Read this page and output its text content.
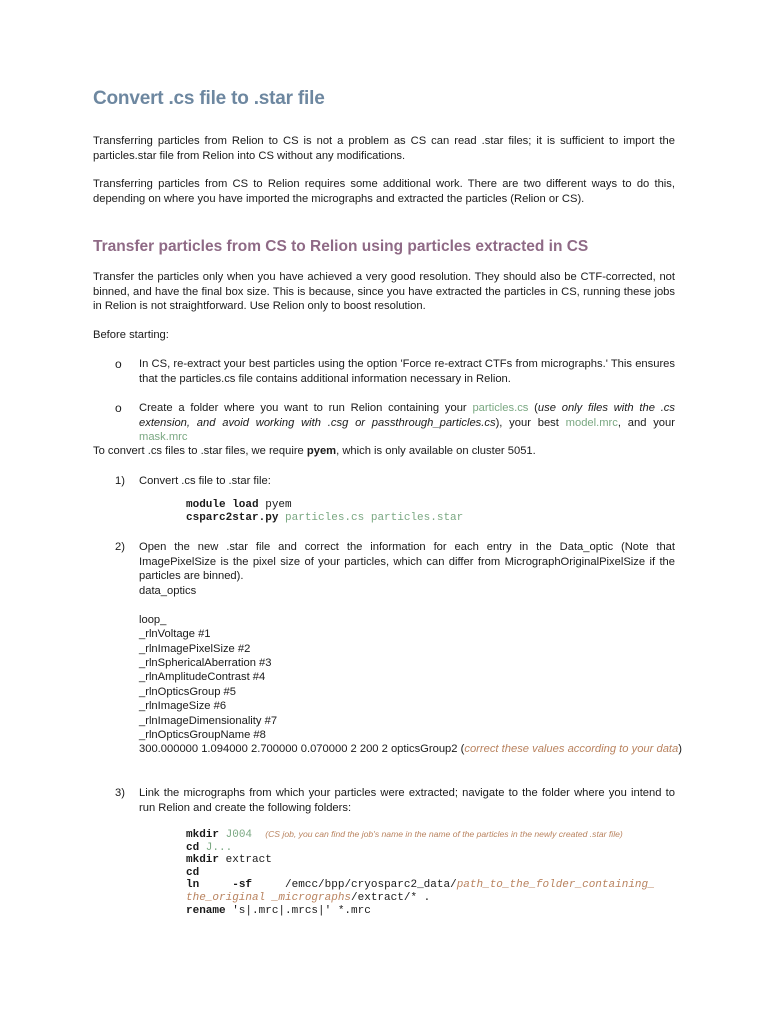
Convert .cs file to .star file

Transferring particles from Relion to CS is not a problem as CS can read .star files; it is sufficient to import the particles.star file from Relion into CS without any modifications.

Transferring particles from CS to Relion requires some additional work. There are two different ways to do this, depending on where you have imported the micrographs and extracted the particles (Relion or CS).

Transfer particles from CS to Relion using particles extracted in CS

Transfer the particles only when you have achieved a very good resolution. They should also be CTF-corrected, not binned, and have the final box size. This is because, since you have extracted the particles in CS, running these jobs in Relion is not straightforward. Use Relion only to boost resolution.

Before starting:

o In CS, re-extract your best particles using the option 'Force re-extract CTFs from micrographs.' This ensures that the particles.cs file contains additional information necessary in Relion.

o Create a folder where you want to run Relion containing your particles.cs (use only files with the .cs extension, and avoid working with .csg or passthrough_particles.cs), your best model.mrc, and your mask.mrc

To convert .cs files to .star files, we require pyem, which is only available on cluster 5051.

1) Convert .cs file to .star file:

module load pyem
csparc2star.py particles.cs particles.star
2) Open the new .star file and correct the information for each entry in the Data_optic (Note that ImagePixelSize is the pixel size of your particles, which can differ from MicrographOriginalPixelSize if the particles are binned).

data_optics

loop_

_rlnVoltage #1

_rlnImagePixelSize #2

_rlnSphericalAberration #3

_rlnAmplitudeContrast #4

_rlnOpticsGroup #5

_rlnImageSize #6

_rlnImageDimensionality #7

_rlnOpticsGroupName #8

300.000000 1.094000 2.700000 0.070000 2 200 2 opticsGroup2 (correct these values according to your data)

3) Link the micrographs from which your particles were extracted; navigate to the folder where you intend to run Relion and create the following folders:

mkdir J004 (CS job, you can find the job's name in the name of the particles in the newly created .star file)
cd J...
mkdir extract
cd
ln	-sf	/emcc/bpp/cryosparc2_data/path_to_the_folder_containing_
the_original _micrographs/extract/* .
rename 's|.mrc|.mrcs|' *.mrc
